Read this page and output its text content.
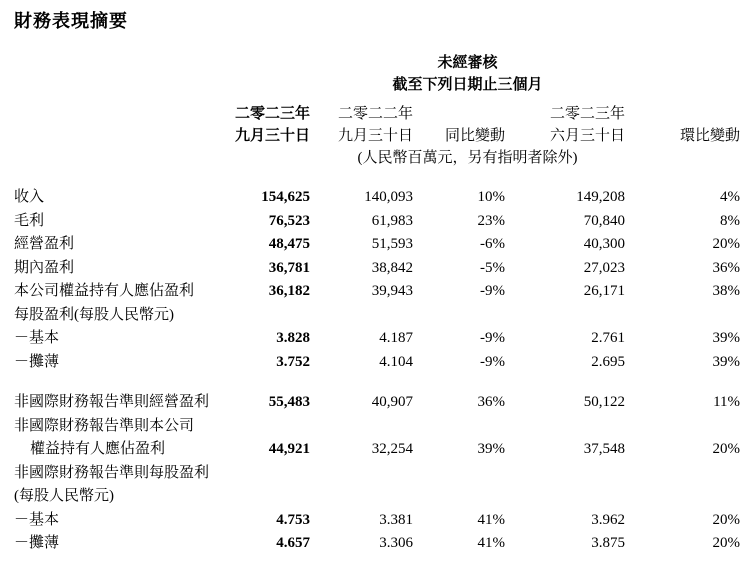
財務表現摘要
		未經審核			
		截至下列日期止三個月			
	二零二三年	二零二二年		二零二三年	
	九月三十日	九月三十日	同比變動	六月三十日	環比變動
		(人民幣百萬元，另有指明者除外)			
收入	154,625	140,093	10%	149,208	4%
毛利	76,523	61,983	23%	70,840	8%
經營盈利	48,475	51,593	-6%	40,300	20%
期內盈利	36,781	38,842	-5%	27,023	36%
本公司權益持有人應佔盈利	36,182	39,943	-9%	26,171	38%
每股盈利(每股人民幣元)					
－基本	3.828	4.187	-9%	2.761	39%
－攤薄	3.752	4.104	-9%	2.695	39%

非國際財務報告準則經營盈利	55,483	40,907	36%	50,122	11%
非國際財務報告準則本公司					
權益持有人應佔盈利	44,921	32,254	39%	37,548	20%
非國際財務報告準則每股盈利					
(每股人民幣元)					
－基本	4.753	3.381	41%	3.962	20%
－攤薄	4.657	3.306	41%	3.875	20%
